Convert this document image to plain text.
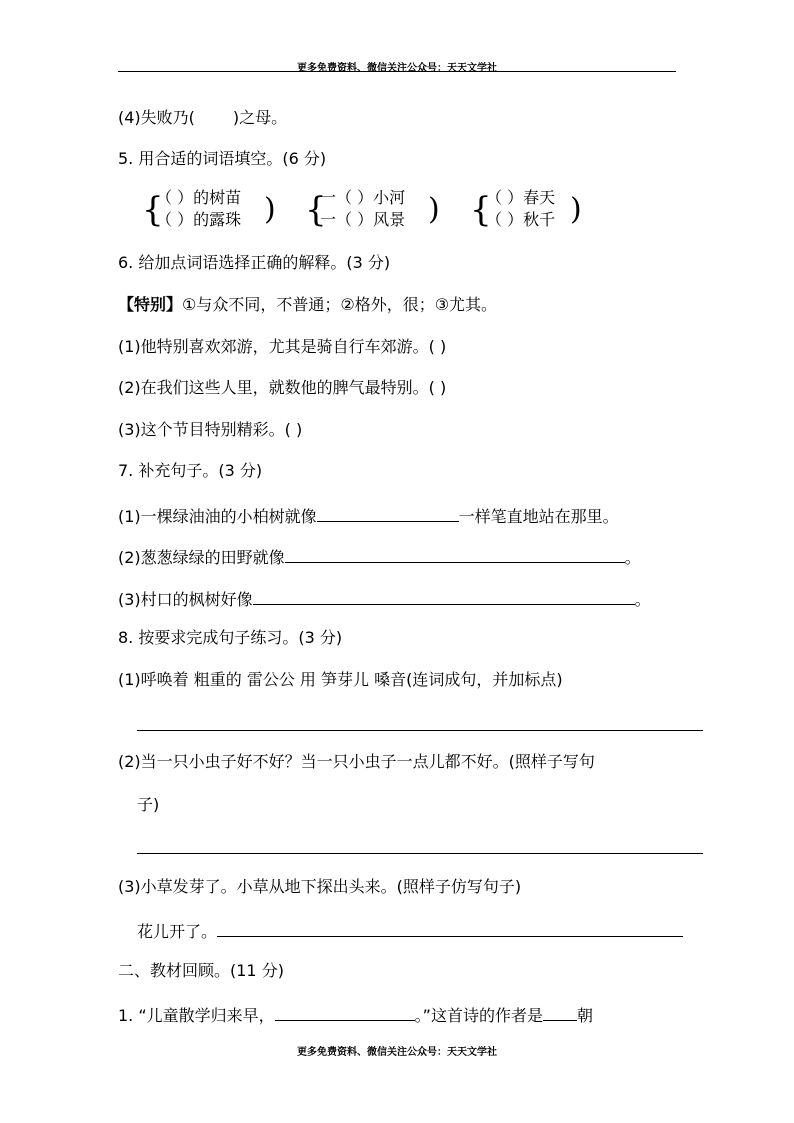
更多免费资料、微信关注公众号：天天文学社
(4)失败乃( )之母。
5. 用合适的词语填空。(6 分)
{
（ ）的树苗
（ ）的露珠 ) {
一（ ）小河
一（ ）风景 ) {
（ ）春天
（ ）秋千 )
6. 给加点词语选择正确的解释。(3 分)
【特别】①与众不同，不普通；②格外，很；③尤其。
(1)他特别喜欢郊游，尤其是骑自行车郊游。( )
(2)在我们这些人里，就数他的脾气最特别。( )
(3)这个节目特别精彩。( )
7. 补充句子。(3 分)
(1)一棵绿油油的小柏树就像	一样笔直地站在那里。
(2)葱葱绿绿的田野就像	。
(3)村口的枫树好像	。
8. 按要求完成句子练习。(3 分)
(1)呼唤着 粗重的 雷公公 用 笋芽儿 嗓音(连词成句，并加标点)
(2)当一只小虫子好不好？当一只小虫子一点儿都不好。(照样子写句
子)
(3)小草发芽了。小草从地下探出头来。(照样子仿写句子)
花儿开了。
二、教材回顾。(11 分)
1. “儿童散学归来早，	。”这首诗的作者是 朝
更多免费资料、微信关注公众号：天天文学社
